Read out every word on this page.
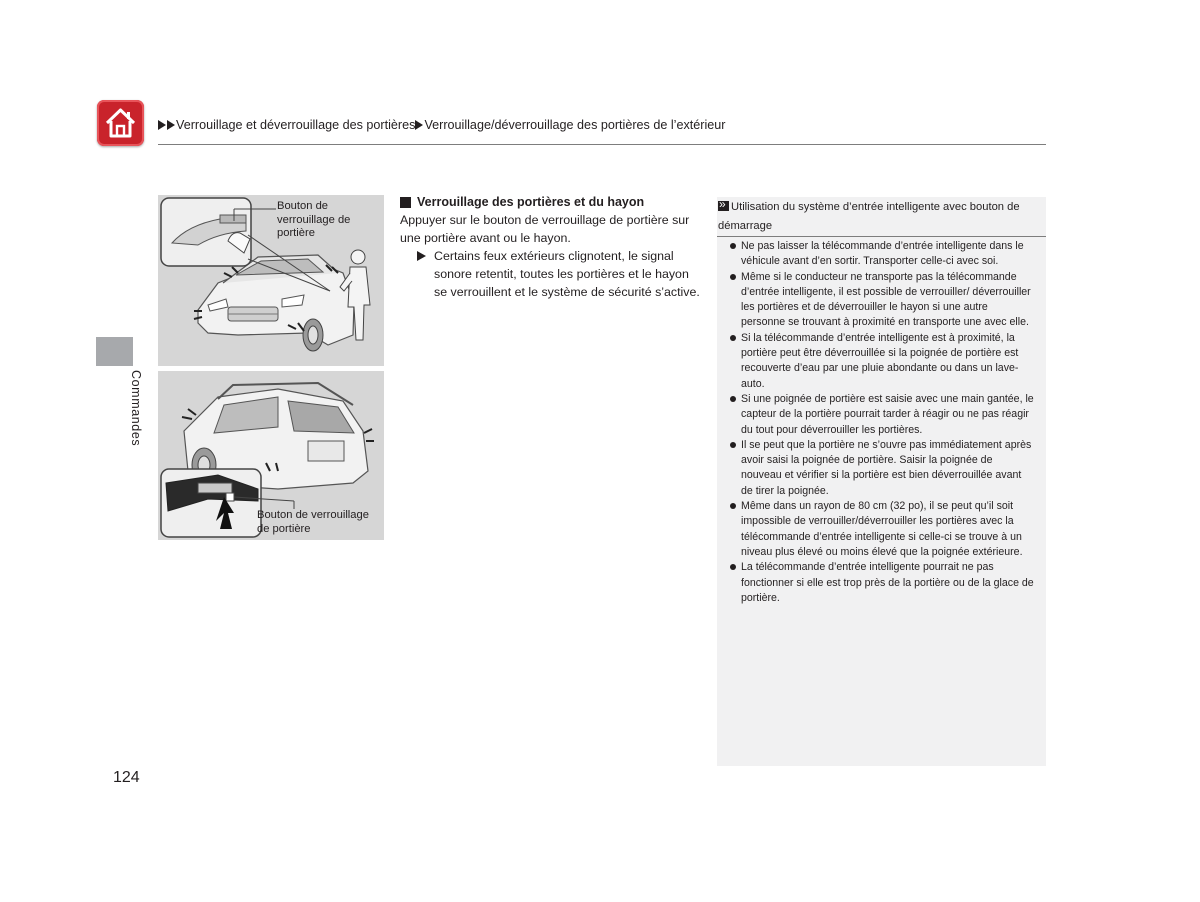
Verrouillage et déverrouillage des portières Verrouillage/déverrouillage des portières de l’extérieur
Commandes
Bouton de
verrouillage de
portière
Bouton de verrouillage
de portière
Verrouillage des portières et du hayon
Appuyer sur le bouton de verrouillage de portière sur une portière avant ou le hayon.
Certains feux extérieurs clignotent, le signal sonore retentit, toutes les portières et le hayon se verrouillent et le système de sécurité s’active.
»Utilisation du système d’entrée intelligente avec bouton de démarrage
Ne pas laisser la télécommande d’entrée intelligente dans le véhicule avant d’en sortir. Transporter celle-ci avec soi.
Même si le conducteur ne transporte pas la télécommande d’entrée intelligente, il est possible de verrouiller/ déverrouiller les portières et de déverrouiller le hayon si une autre personne se trouvant à proximité en transporte une avec elle.
Si la télécommande d’entrée intelligente est à proximité, la portière peut être déverrouillée si la poignée de portière est recouverte d’eau par une pluie abondante ou dans un lave-auto.
Si une poignée de portière est saisie avec une main gantée, le capteur de la portière pourrait tarder à réagir ou ne pas réagir du tout pour déverrouiller les portières.
Il se peut que la portière ne s’ouvre pas immédiatement après avoir saisi la poignée de portière. Saisir la poignée de nouveau et vérifier si la portière est bien déverrouillée avant de tirer la poignée.
Même dans un rayon de 80 cm (32 po), il se peut qu’il soit impossible de verrouiller/déverrouiller les portières avec la télécommande d’entrée intelligente si celle-ci se trouve à un niveau plus élevé ou moins élevé que la poignée extérieure.
La télécommande d’entrée intelligente pourrait ne pas fonctionner si elle est trop près de la portière ou de la glace de portière.
124
